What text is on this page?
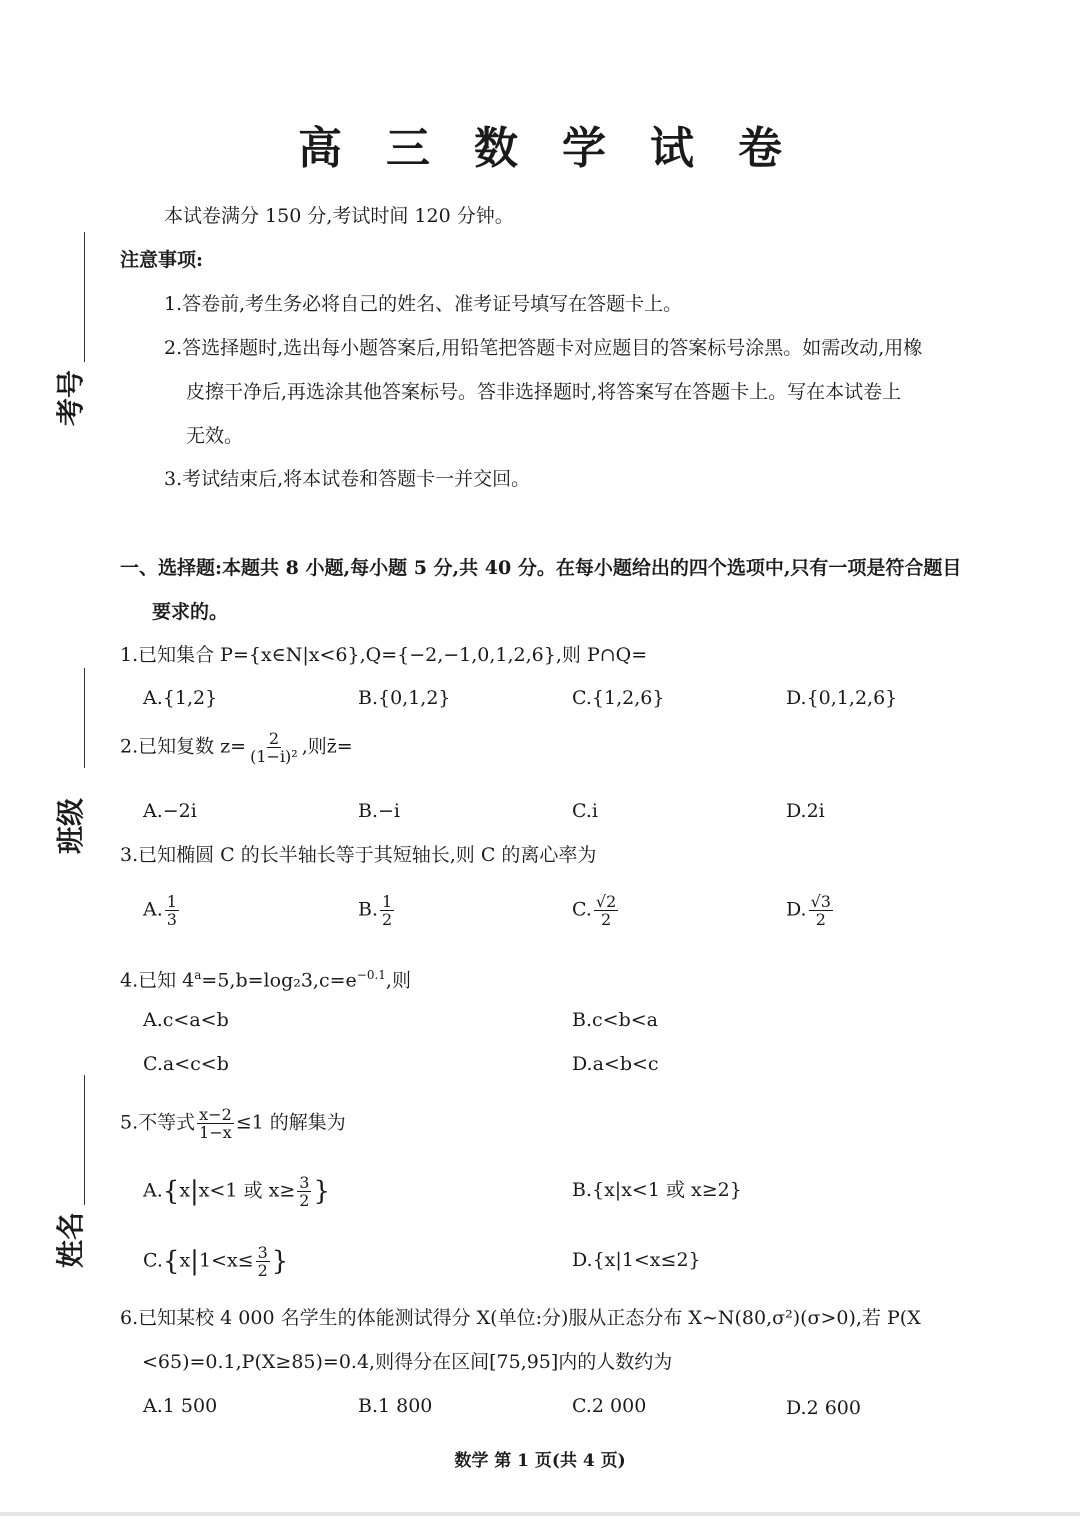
高 三 数 学 试 卷
考号
班级
姓名
本试卷满分 150 分,考试时间 120 分钟。
注意事项:
1.答卷前,考生务必将自己的姓名、准考证号填写在答题卡上。
2.答选择题时,选出每小题答案后,用铅笔把答题卡对应题目的答案标号涂黑。如需改动,用橡
皮擦干净后,再选涂其他答案标号。答非选择题时,将答案写在答题卡上。写在本试卷上
无效。
3.考试结束后,将本试卷和答题卡一并交回。
一、选择题:本题共 8 小题,每小题 5 分,共 40 分。在每小题给出的四个选项中,只有一项是符合题目
要求的。
1.已知集合 P={x∈N|x<6},Q={−2,−1,0,1,2,6},则 P∩Q=
A.{1,2}	B.{0,1,2}	C.{1,2,6}	D.{0,1,2,6}
2.已知复数 $z= \frac{2}{\text{(1−i)²}}$ ,则z̄=
A.−2i	B.−i	C.i	D.2i
3.已知椭圆 C 的长半轴长等于其短轴长,则 C 的离心率为
A. $\frac{1}{3}$	B. $\frac{1}{2}$	C. $\frac{√2}{2}$	D. $\frac{√3}{2}$
4.已知 $4^a=5,b=\log_23,c=e^{-0.1}$,则
A.c<a<b	B.c<b<a
C.a<c<b	D.a<b<c
5.不等式 $\frac{x-2}{1-x} \le 1$ 的解集为
A.{x|x<1 或 $x\ge \frac{3}{2}$ }	B.{x|x<1 或 x≥2}
$C.\{x|1<x\le \frac{3}{2}$ }	D.{x|1<x≤2}
6.已知某校 4 000 名学生的体能测试得分 X(单位:分)服从正态分布 X∼N(80,σ²)(σ>0),若 P(X
<65)=0.1,P(X≥85)=0.4,则得分在区间[75,95]内的人数约为
A.1 500	B.1 800	C.2 000	D.2 600
数学 第 1 页(共 4 页)
